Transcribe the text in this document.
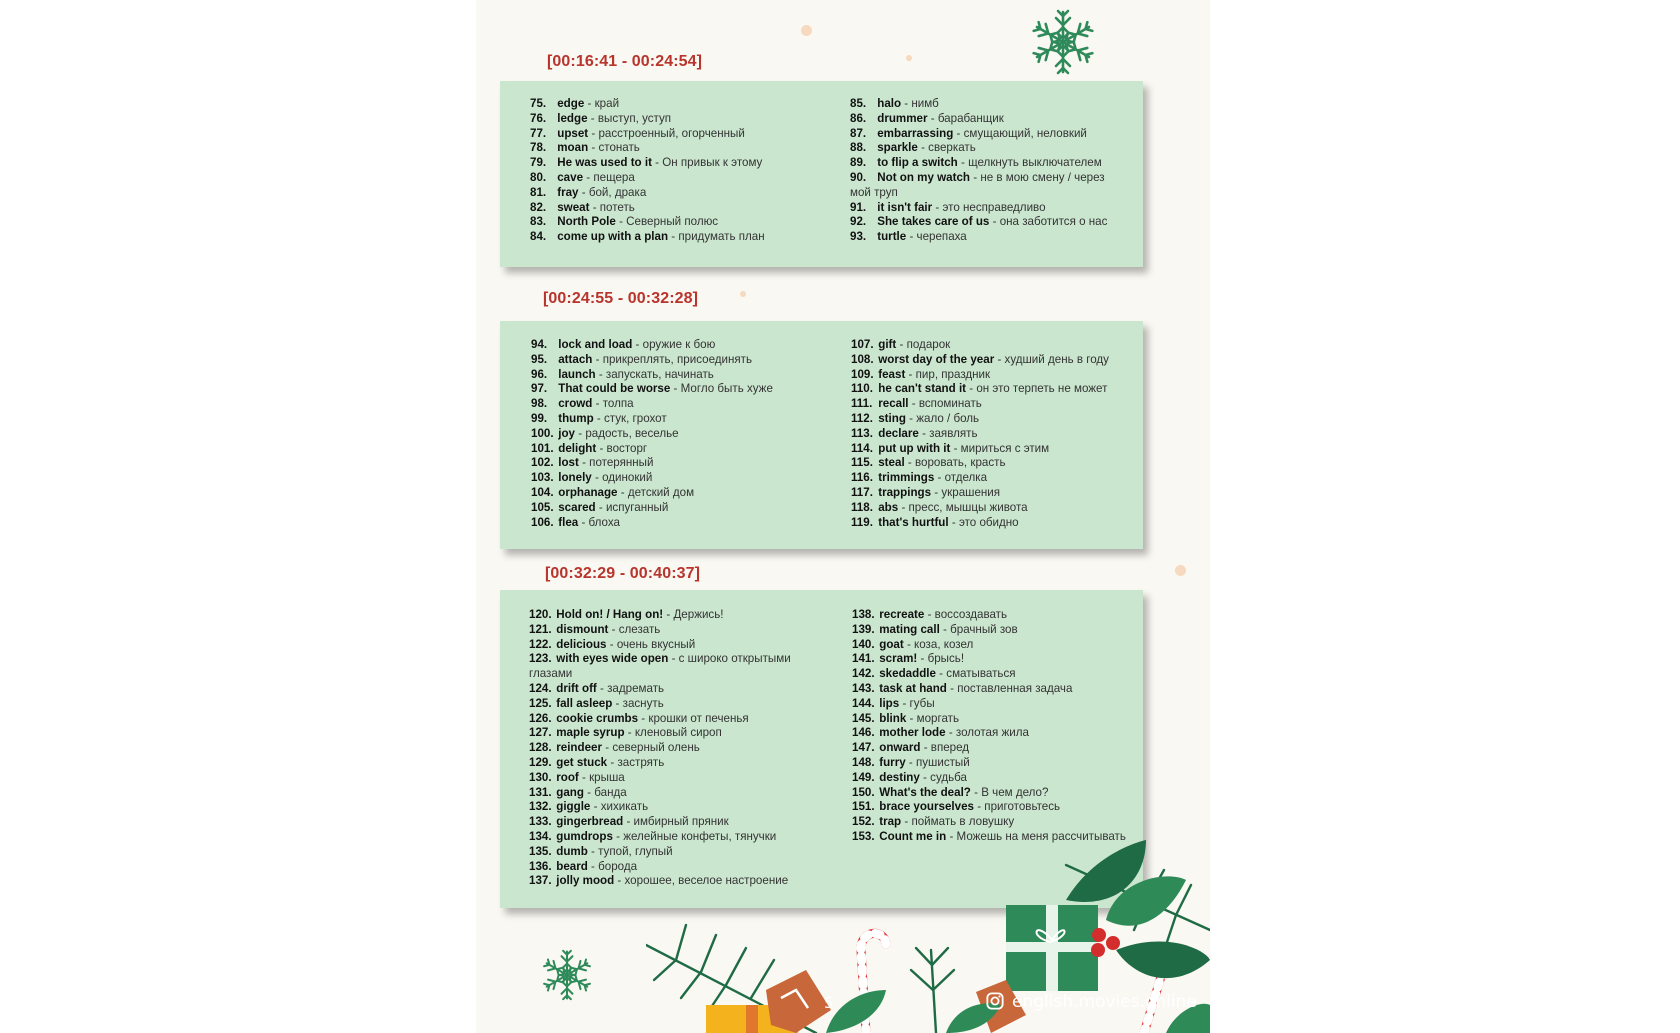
[00:16:41 - 00:24:54]
75. edge - край
76. ledge - выступ, уступ
77. upset - расстроенный, огорченный
78. moan - стонать
79. He was used to it - Он привык к этому
80. cave - пещера
81. fray - бой, драка
82. sweat - потеть
83. North Pole - Северный полюс
84. come up with a plan - придумать план
85. halo - нимб
86. drummer - барабанщик
87. embarrassing - смущающий, неловкий
88. sparkle - сверкать
89. to flip a switch - щелкнуть выключателем
90. Not on my watch - не в мою смену / через мой труп
91. it isn't fair - это несправедливо
92. She takes care of us - она заботится о нас
93. turtle - черепаха
[00:24:55 - 00:32:28]
94. lock and load - оружие к бою
95. attach - прикреплять, присоединять
96. launch - запускать, начинать
97. That could be worse - Могло быть хуже
98. crowd - толпа
99. thump - стук, грохот
100. joy - радость, веселье
101. delight - восторг
102. lost - потерянный
103. lonely - одинокий
104. orphanage - детский дом
105. scared - испуганный
106. flea - блоха
107. gift - подарок
108. worst day of the year - худший день в году
109. feast - пир, праздник
110. he can't stand it - он это терпеть не может
111. recall - вспоминать
112. sting - жало / боль
113. declare - заявлять
114. put up with it - мириться с этим
115. steal - воровать, красть
116. trimmings - отделка
117. trappings - украшения
118. abs - пресс, мышцы живота
119. that's hurtful - это обидно
[00:32:29 - 00:40:37]
120. Hold on! / Hang on! - Держись!
121. dismount - слезать
122. delicious - очень вкусный
123. with eyes wide open - с широко открытыми глазами
124. drift off - задремать
125. fall asleep - заснуть
126. cookie crumbs - крошки от печенья
127. maple syrup - кленовый сироп
128. reindeer - северный олень
129. get stuck - застрять
130. roof - крыша
131. gang - банда
132. giggle - хихикать
133. gingerbread - имбирный пряник
134. gumdrops - желейные конфеты, тянучки
135. dumb - тупой, глупый
136. beard - борода
137. jolly mood - хорошее, веселое настроение
138. recreate - воссоздавать
139. mating call - брачный зов
140. goat - коза, козел
141. scram! - брысь!
142. skedaddle - сматываться
143. task at hand - поставленная задача
144. lips - губы
145. blink - моргать
146. mother lode - золотая жила
147. onward - вперед
148. furry - пушистый
149. destiny - судьба
150. What's the deal? - В чем дело?
151. brace yourselves - приготовьтесь
152. trap - поймать в ловушку
153. Count me in - Можешь на меня рассчитывать
5	english.movies.online
